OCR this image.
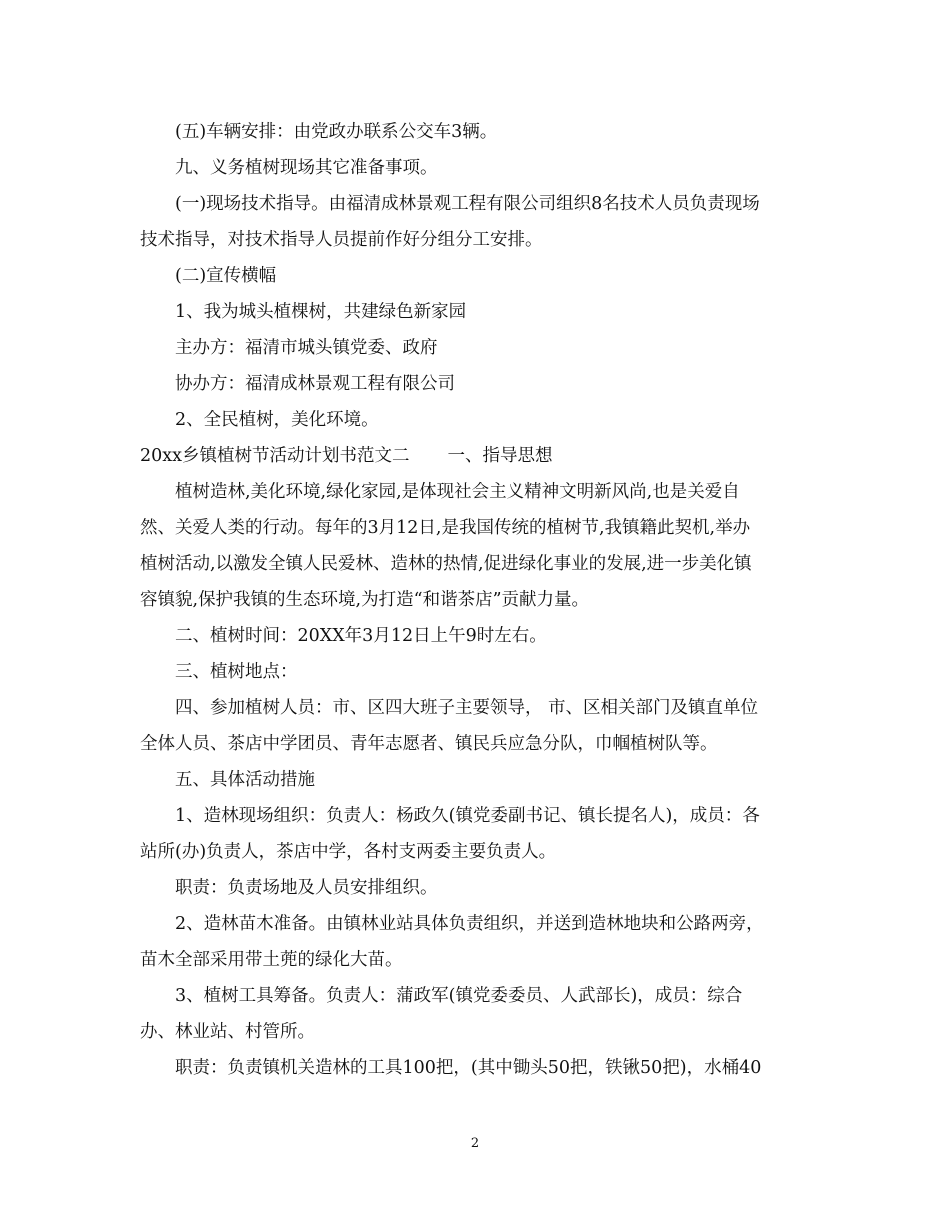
(五)车辆安排：由党政办联系公交车3辆。
九、义务植树现场其它准备事项。
(一)现场技术指导。由福清成林景观工程有限公司组织8名技术人员负责现场
技术指导，对技术指导人员提前作好分组分工安排。
(二)宣传横幅
1、我为城头植棵树，共建绿色新家园
主办方：福清市城头镇党委、政府
协办方：福清成林景观工程有限公司
2、全民植树，美化环境。
20xx乡镇植树节活动计划书范文二 一、指导思想
植树造林,美化环境,绿化家园,是体现社会主义精神文明新风尚,也是关爱自
然、关爱人类的行动。每年的3月12日,是我国传统的植树节,我镇籍此契机,举办
植树活动,以激发全镇人民爱林、造林的热情,促进绿化事业的发展,进一步美化镇
容镇貌,保护我镇的生态环境,为打造“和谐茶店”贡献力量。
二、植树时间：20XX年3月12日上午9时左右。
三、植树地点：
四、参加植树人员：市、区四大班子主要领导， 市、区相关部门及镇直单位
全体人员、茶店中学团员、青年志愿者、镇民兵应急分队，巾帼植树队等。
五、具体活动措施
1、造林现场组织：负责人：杨政久(镇党委副书记、镇长提名人)，成员：各
站所(办)负责人，茶店中学，各村支两委主要负责人。
职责：负责场地及人员安排组织。
2、造林苗木准备。由镇林业站具体负责组织，并送到造林地块和公路两旁，
苗木全部采用带土蔸的绿化大苗。
3、植树工具筹备。负责人：蒲政军(镇党委委员、人武部长)，成员：综合
办、林业站、村管所。
职责：负责镇机关造林的工具100把，(其中锄头50把，铁锹50把)，水桶40
2
